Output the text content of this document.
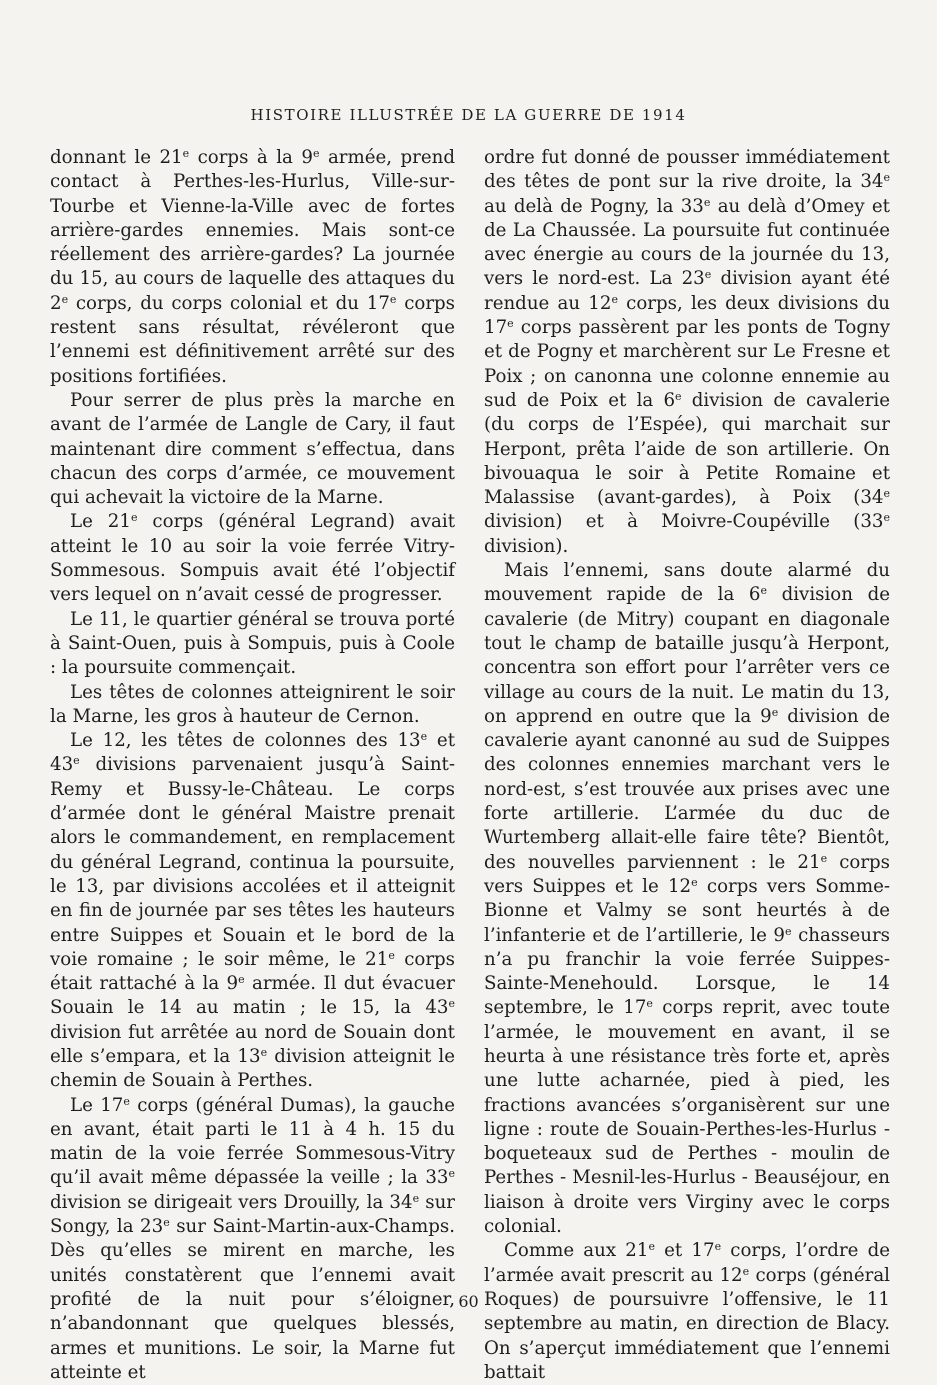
HISTOIRE ILLUSTRÉE DE LA GUERRE DE 1914

donnant le 21e corps à la 9e armée, prend contact à Perthes-les-Hurlus, Ville-sur-Tourbe et Vienne-la-Ville avec de fortes arrière-gardes ennemies. Mais sont-ce réellement des arrière-gardes? La journée du 15, au cours de laquelle des attaques du 2e corps, du corps colonial et du 17e corps restent sans résultat, révéleront que l’ennemi est définitivement arrêté sur des positions fortifiées.

Pour serrer de plus près la marche en avant de l’armée de Langle de Cary, il faut maintenant dire comment s’effectua, dans chacun des corps d’armée, ce mouvement qui achevait la victoire de la Marne.

Le 21e corps (général Legrand) avait atteint le 10 au soir la voie ferrée Vitry-Sommesous. Sompuis avait été l’objectif vers lequel on n’avait cessé de progresser.

Le 11, le quartier général se trouva porté à Saint-Ouen, puis à Sompuis, puis à Coole : la poursuite commençait.

Les têtes de colonnes atteignirent le soir la Marne, les gros à hauteur de Cernon.

Le 12, les têtes de colonnes des 13e et 43e divisions parvenaient jusqu’à Saint-Remy et Bussy-le-Château. Le corps d’armée dont le général Maistre prenait alors le commandement, en remplacement du général Legrand, continua la poursuite, le 13, par divisions accolées et il atteignit en fin de journée par ses têtes les hauteurs entre Suippes et Souain et le bord de la voie romaine ; le soir même, le 21e corps était rattaché à la 9e armée. Il dut évacuer Souain le 14 au matin ; le 15, la 43e division fut arrêtée au nord de Souain dont elle s’empara, et la 13e division atteignit le chemin de Souain à Perthes.

Le 17e corps (général Dumas), la gauche en avant, était parti le 11 à 4 h. 15 du matin de la voie ferrée Sommesous-Vitry qu’il avait même dépassée la veille ; la 33e division se dirigeait vers Drouilly, la 34e sur Songy, la 23e sur Saint-Martin-aux-Champs. Dès qu’elles se mirent en marche, les unités constatèrent que l’ennemi avait profité de la nuit pour s’éloigner, n’abandonnant que quelques blessés, armes et munitions. Le soir, la Marne fut atteinte et

ordre fut donné de pousser immédiatement des têtes de pont sur la rive droite, la 34e au delà de Pogny, la 33e au delà d’Omey et de La Chaussée. La poursuite fut continuée avec énergie au cours de la journée du 13, vers le nord-est. La 23e division ayant été rendue au 12e corps, les deux divisions du 17e corps passèrent par les ponts de Togny et de Pogny et marchèrent sur Le Fresne et Poix ; on canonna une colonne ennemie au sud de Poix et la 6e division de cavalerie (du corps de l’Espée), qui marchait sur Herpont, prêta l’aide de son artillerie. On bivouaqua le soir à Petite Romaine et Malassise (avant-gardes), à Poix (34e division) et à Moivre-Coupéville (33e division).

Mais l’ennemi, sans doute alarmé du mouvement rapide de la 6e division de cavalerie (de Mitry) coupant en diagonale tout le champ de bataille jusqu’à Herpont, concentra son effort pour l’arrêter vers ce village au cours de la nuit. Le matin du 13, on apprend en outre que la 9e division de cavalerie ayant canonné au sud de Suippes des colonnes ennemies marchant vers le nord-est, s’est trouvée aux prises avec une forte artillerie. L’armée du duc de Wurtemberg allait-elle faire tête? Bientôt, des nouvelles parviennent : le 21e corps vers Suippes et le 12e corps vers Somme-Bionne et Valmy se sont heurtés à de l’infanterie et de l’artillerie, le 9e chasseurs n’a pu franchir la voie ferrée Suippes-Sainte-Menehould. Lorsque, le 14 septembre, le 17e corps reprit, avec toute l’armée, le mouvement en avant, il se heurta à une résistance très forte et, après une lutte acharnée, pied à pied, les fractions avancées s’organisèrent sur une ligne : route de Souain-Perthes-les-Hurlus - boqueteaux sud de Perthes - moulin de Perthes - Mesnil-les-Hurlus - Beauséjour, en liaison à droite vers Virginy avec le corps colonial.

Comme aux 21e et 17e corps, l’ordre de l’armée avait prescrit au 12e corps (général Roques) de poursuivre l’offensive, le 11 septembre au matin, en direction de Blacy. On s’aperçut immédiatement que l’ennemi battait

60
